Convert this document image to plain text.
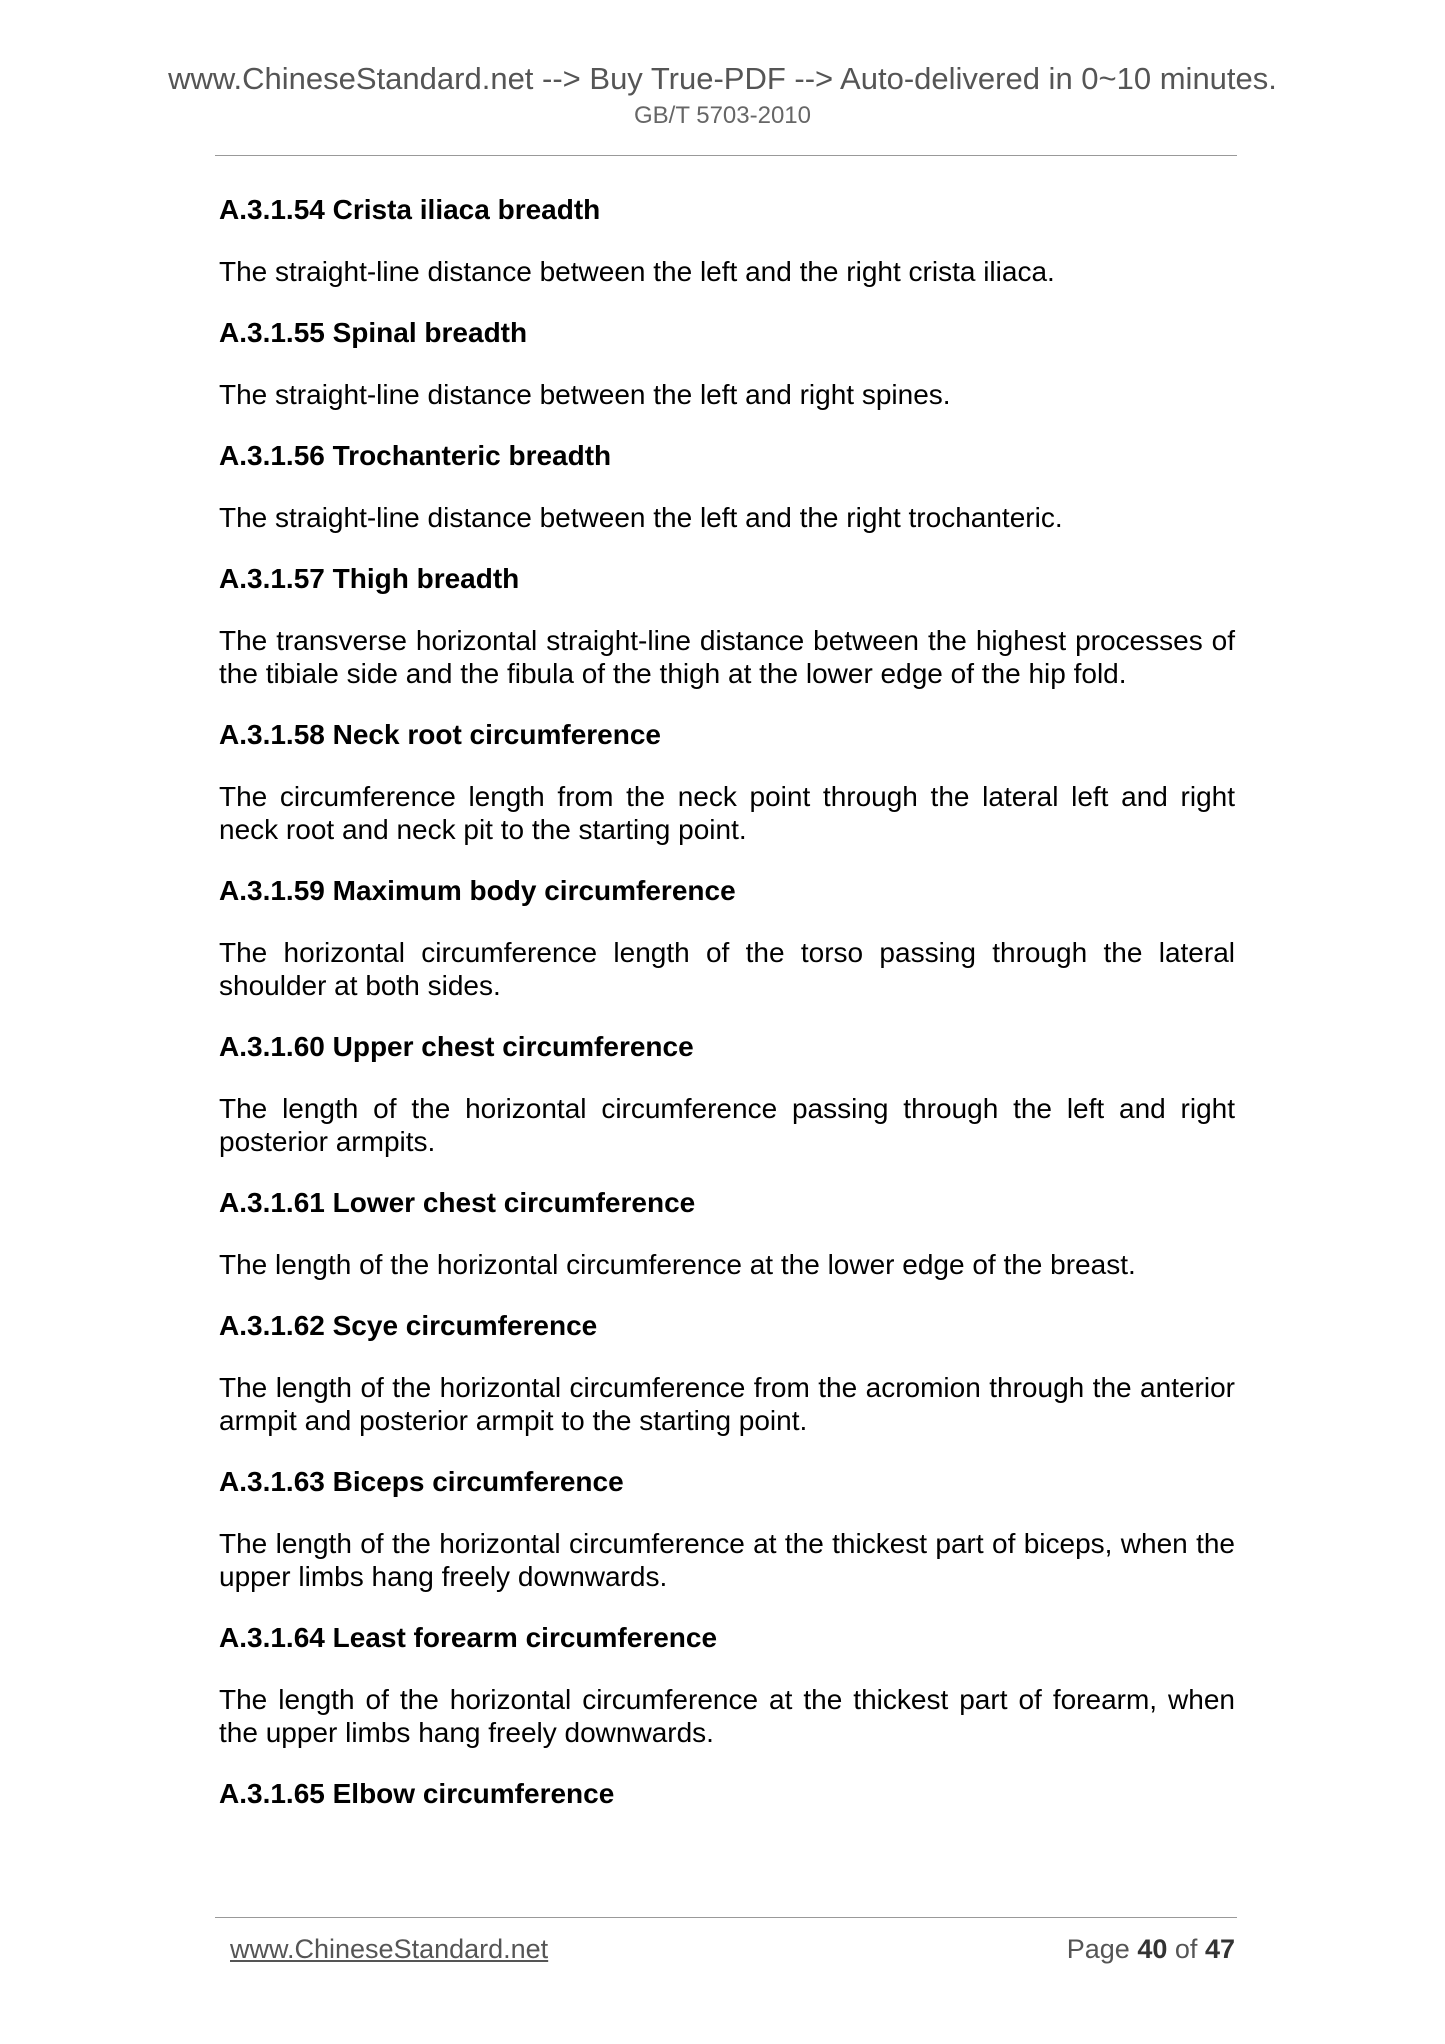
www.ChineseStandard.net --> Buy True-PDF --> Auto-delivered in 0~10 minutes.
GB/T 5703-2010

A.3.1.54 Crista iliaca breadth

The straight-line distance between the left and the right crista iliaca.

A.3.1.55 Spinal breadth

The straight-line distance between the left and right spines.

A.3.1.56 Trochanteric breadth

The straight-line distance between the left and the right trochanteric.

A.3.1.57 Thigh breadth

The transverse horizontal straight-line distance between the highest processes of the tibiale side and the fibula of the thigh at the lower edge of the hip fold.

A.3.1.58 Neck root circumference

The circumference length from the neck point through the lateral left and right neck root and neck pit to the starting point.

A.3.1.59 Maximum body circumference

The horizontal circumference length of the torso passing through the lateral shoulder at both sides.

A.3.1.60 Upper chest circumference

The length of the horizontal circumference passing through the left and right posterior armpits.

A.3.1.61 Lower chest circumference

The length of the horizontal circumference at the lower edge of the breast.

A.3.1.62 Scye circumference

The length of the horizontal circumference from the acromion through the anterior armpit and posterior armpit to the starting point.

A.3.1.63 Biceps circumference

The length of the horizontal circumference at the thickest part of biceps, when the upper limbs hang freely downwards.

A.3.1.64 Least forearm circumference

The length of the horizontal circumference at the thickest part of forearm, when the upper limbs hang freely downwards.

A.3.1.65 Elbow circumference

www.ChineseStandard.net	Page 40 of 47
